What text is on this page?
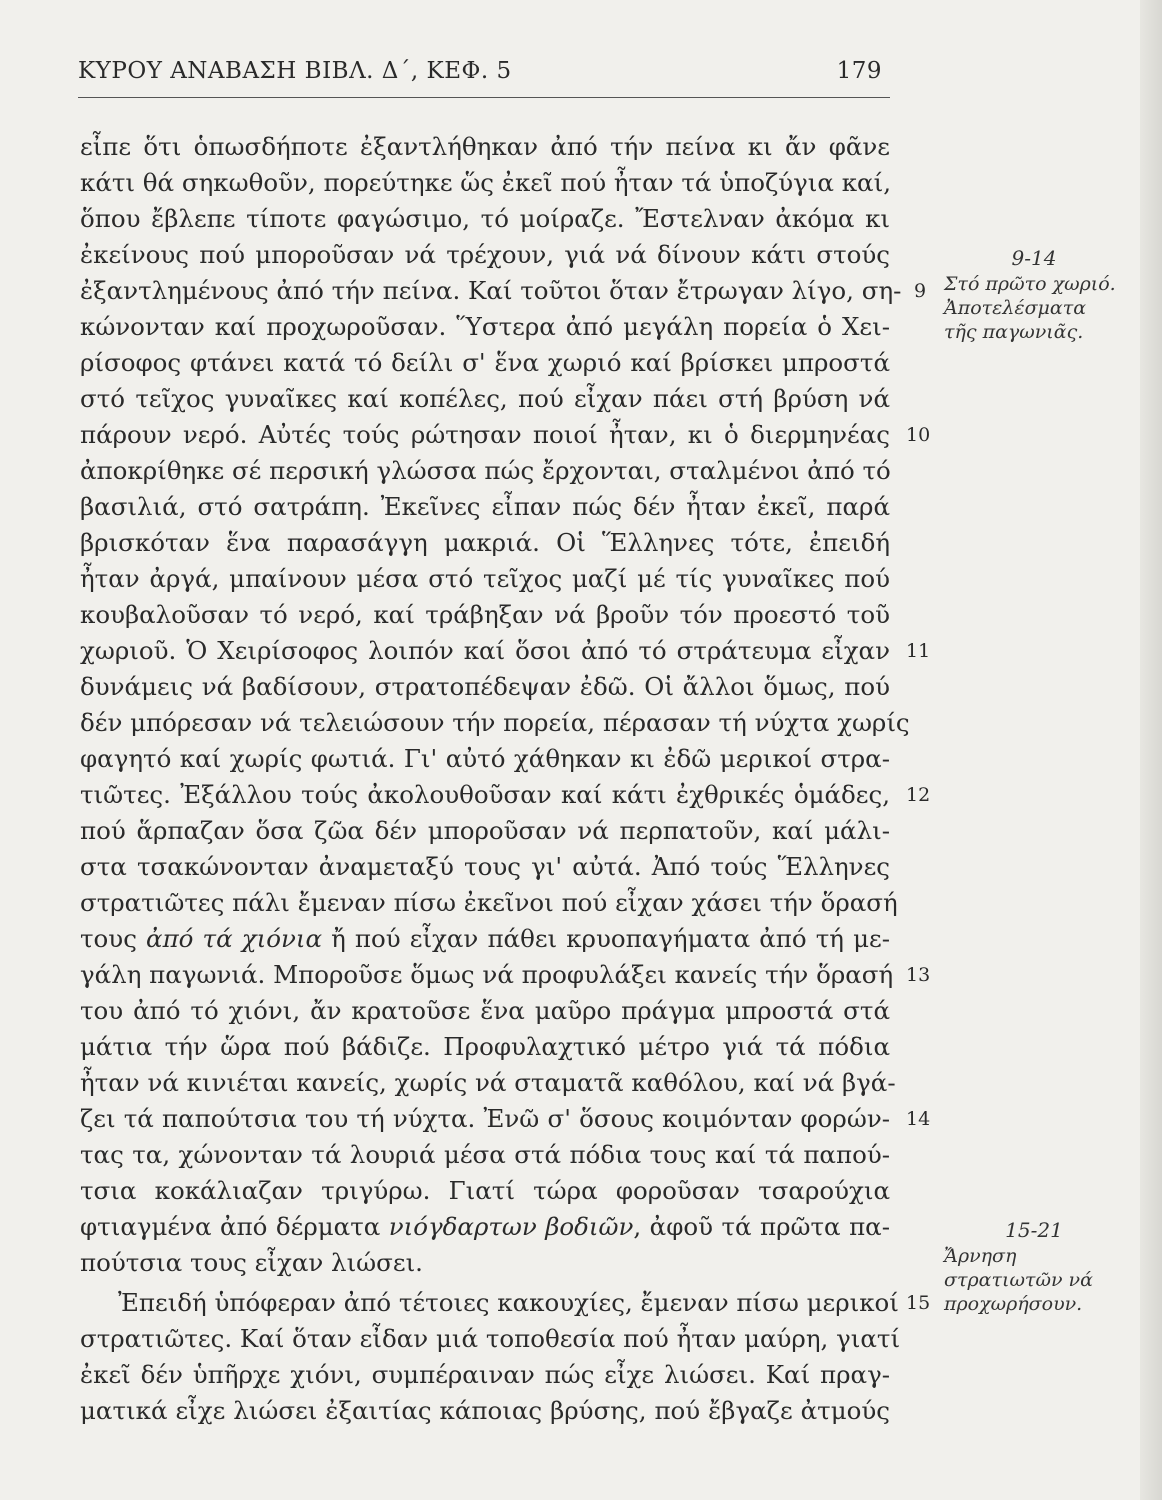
ΚΥΡΟΥ ΑΝΑΒΑΣΗ ΒΙΒΛ. Δ΄, ΚΕΦ. 5	179
εἶπε ὅτι ὁπωσδήποτε ἐξαντλήθηκαν ἀπό τήν πείνα κι ἄν φᾶνε
κάτι θά σηκωθοῦν, πορεύτηκε ὥς ἐκεῖ πού ἦταν τά ὑποζύγια καί,
ὅπου ἔβλεπε τίποτε φαγώσιμο, τό μοίραζε. Ἔστελναν ἀκόμα κι
ἐκείνους πού μποροῦσαν νά τρέχουν, γιά νά δίνουν κάτι στούς
ἐξαντλημένους ἀπό τήν πείνα. Καί τοῦτοι ὅταν ἔτρωγαν λίγο, ση-
κώνονταν καί προχωροῦσαν. Ὕστερα ἀπό μεγάλη πορεία ὁ Χει-
ρίσοφος φτάνει κατά τό δείλι σ' ἕνα χωριό καί βρίσκει μπροστά
στό τεῖχος γυναῖκες καί κοπέλες, πού εἶχαν πάει στή βρύση νά
πάρουν νερό. Αὐτές τούς ρώτησαν ποιοί ἦταν, κι ὁ διερμηνέας
ἀποκρίθηκε σέ περσική γλώσσα πώς ἔρχονται, σταλμένοι ἀπό τό
βασιλιά, στό σατράπη. Ἐκεῖνες εἶπαν πώς δέν ἦταν ἐκεῖ, παρά
βρισκόταν ἕνα παρασάγγη μακριά. Οἱ Ἕλληνες τότε, ἐπειδή
ἦταν ἀργά, μπαίνουν μέσα στό τεῖχος μαζί μέ τίς γυναῖκες πού
κουβαλοῦσαν τό νερό, καί τράβηξαν νά βροῦν τόν προεστό τοῦ
χωριοῦ. Ὁ Χειρίσοφος λοιπόν καί ὅσοι ἀπό τό στράτευμα εἶχαν
δυνάμεις νά βαδίσουν, στρατοπέδεψαν ἐδῶ. Οἱ ἄλλοι ὅμως, πού
δέν μπόρεσαν νά τελειώσουν τήν πορεία, πέρασαν τή νύχτα χωρίς
φαγητό καί χωρίς φωτιά. Γι' αὐτό χάθηκαν κι ἐδῶ μερικοί στρα-
τιῶτες. Ἐξάλλου τούς ἀκολουθοῦσαν καί κάτι ἐχθρικές ὁμάδες,
πού ἅρπαζαν ὅσα ζῶα δέν μποροῦσαν νά περπατοῦν, καί μάλι-
στα τσακώνονταν ἀναμεταξύ τους γι' αὐτά. Ἀπό τούς Ἕλληνες
στρατιῶτες πάλι ἔμεναν πίσω ἐκεῖνοι πού εἶχαν χάσει τήν ὅρασή
τους ἀπό τά χιόνια ἤ πού εἶχαν πάθει κρυοπαγήματα ἀπό τή με-
γάλη παγωνιά. Μποροῦσε ὅμως νά προφυλάξει κανείς τήν ὅρασή
του ἀπό τό χιόνι, ἄν κρατοῦσε ἕνα μαῦρο πράγμα μπροστά στά
μάτια τήν ὥρα πού βάδιζε. Προφυλαχτικό μέτρο γιά τά πόδια
ἦταν νά κινιέται κανείς, χωρίς νά σταματᾶ καθόλου, καί νά βγά-
ζει τά παπούτσια του τή νύχτα. Ἐνῶ σ' ὅσους κοιμόνταν φορών-
τας τα, χώνονταν τά λουριά μέσα στά πόδια τους καί τά παπού-
τσια κοκάλιαζαν τριγύρω. Γιατί τώρα φοροῦσαν τσαρούχια
φτιαγμένα ἀπό δέρματα νιόγδαρτων βοδιῶν, ἀφοῦ τά πρῶτα πα-
πούτσια τους εἶχαν λιώσει.
Ἐπειδή ὑπόφεραν ἀπό τέτοιες κακουχίες, ἔμεναν πίσω μερικοί
στρατιῶτες. Καί ὅταν εἶδαν μιά τοποθεσία πού ἦταν μαύρη, γιατί
ἐκεῖ δέν ὑπῆρχε χιόνι, συμπέραιναν πώς εἶχε λιώσει. Καί πραγ-
ματικά εἶχε λιώσει ἐξαιτίας κάποιας βρύσης, πού ἔβγαζε ἀτμούς
9
10
11
12
13
14
15
9-14
Στό πρῶτο χωριό. Ἀποτελέσματα τῆς παγωνιᾶς.
15-21
Ἄρνηση στρατιωτῶν νά προχωρήσουν.
